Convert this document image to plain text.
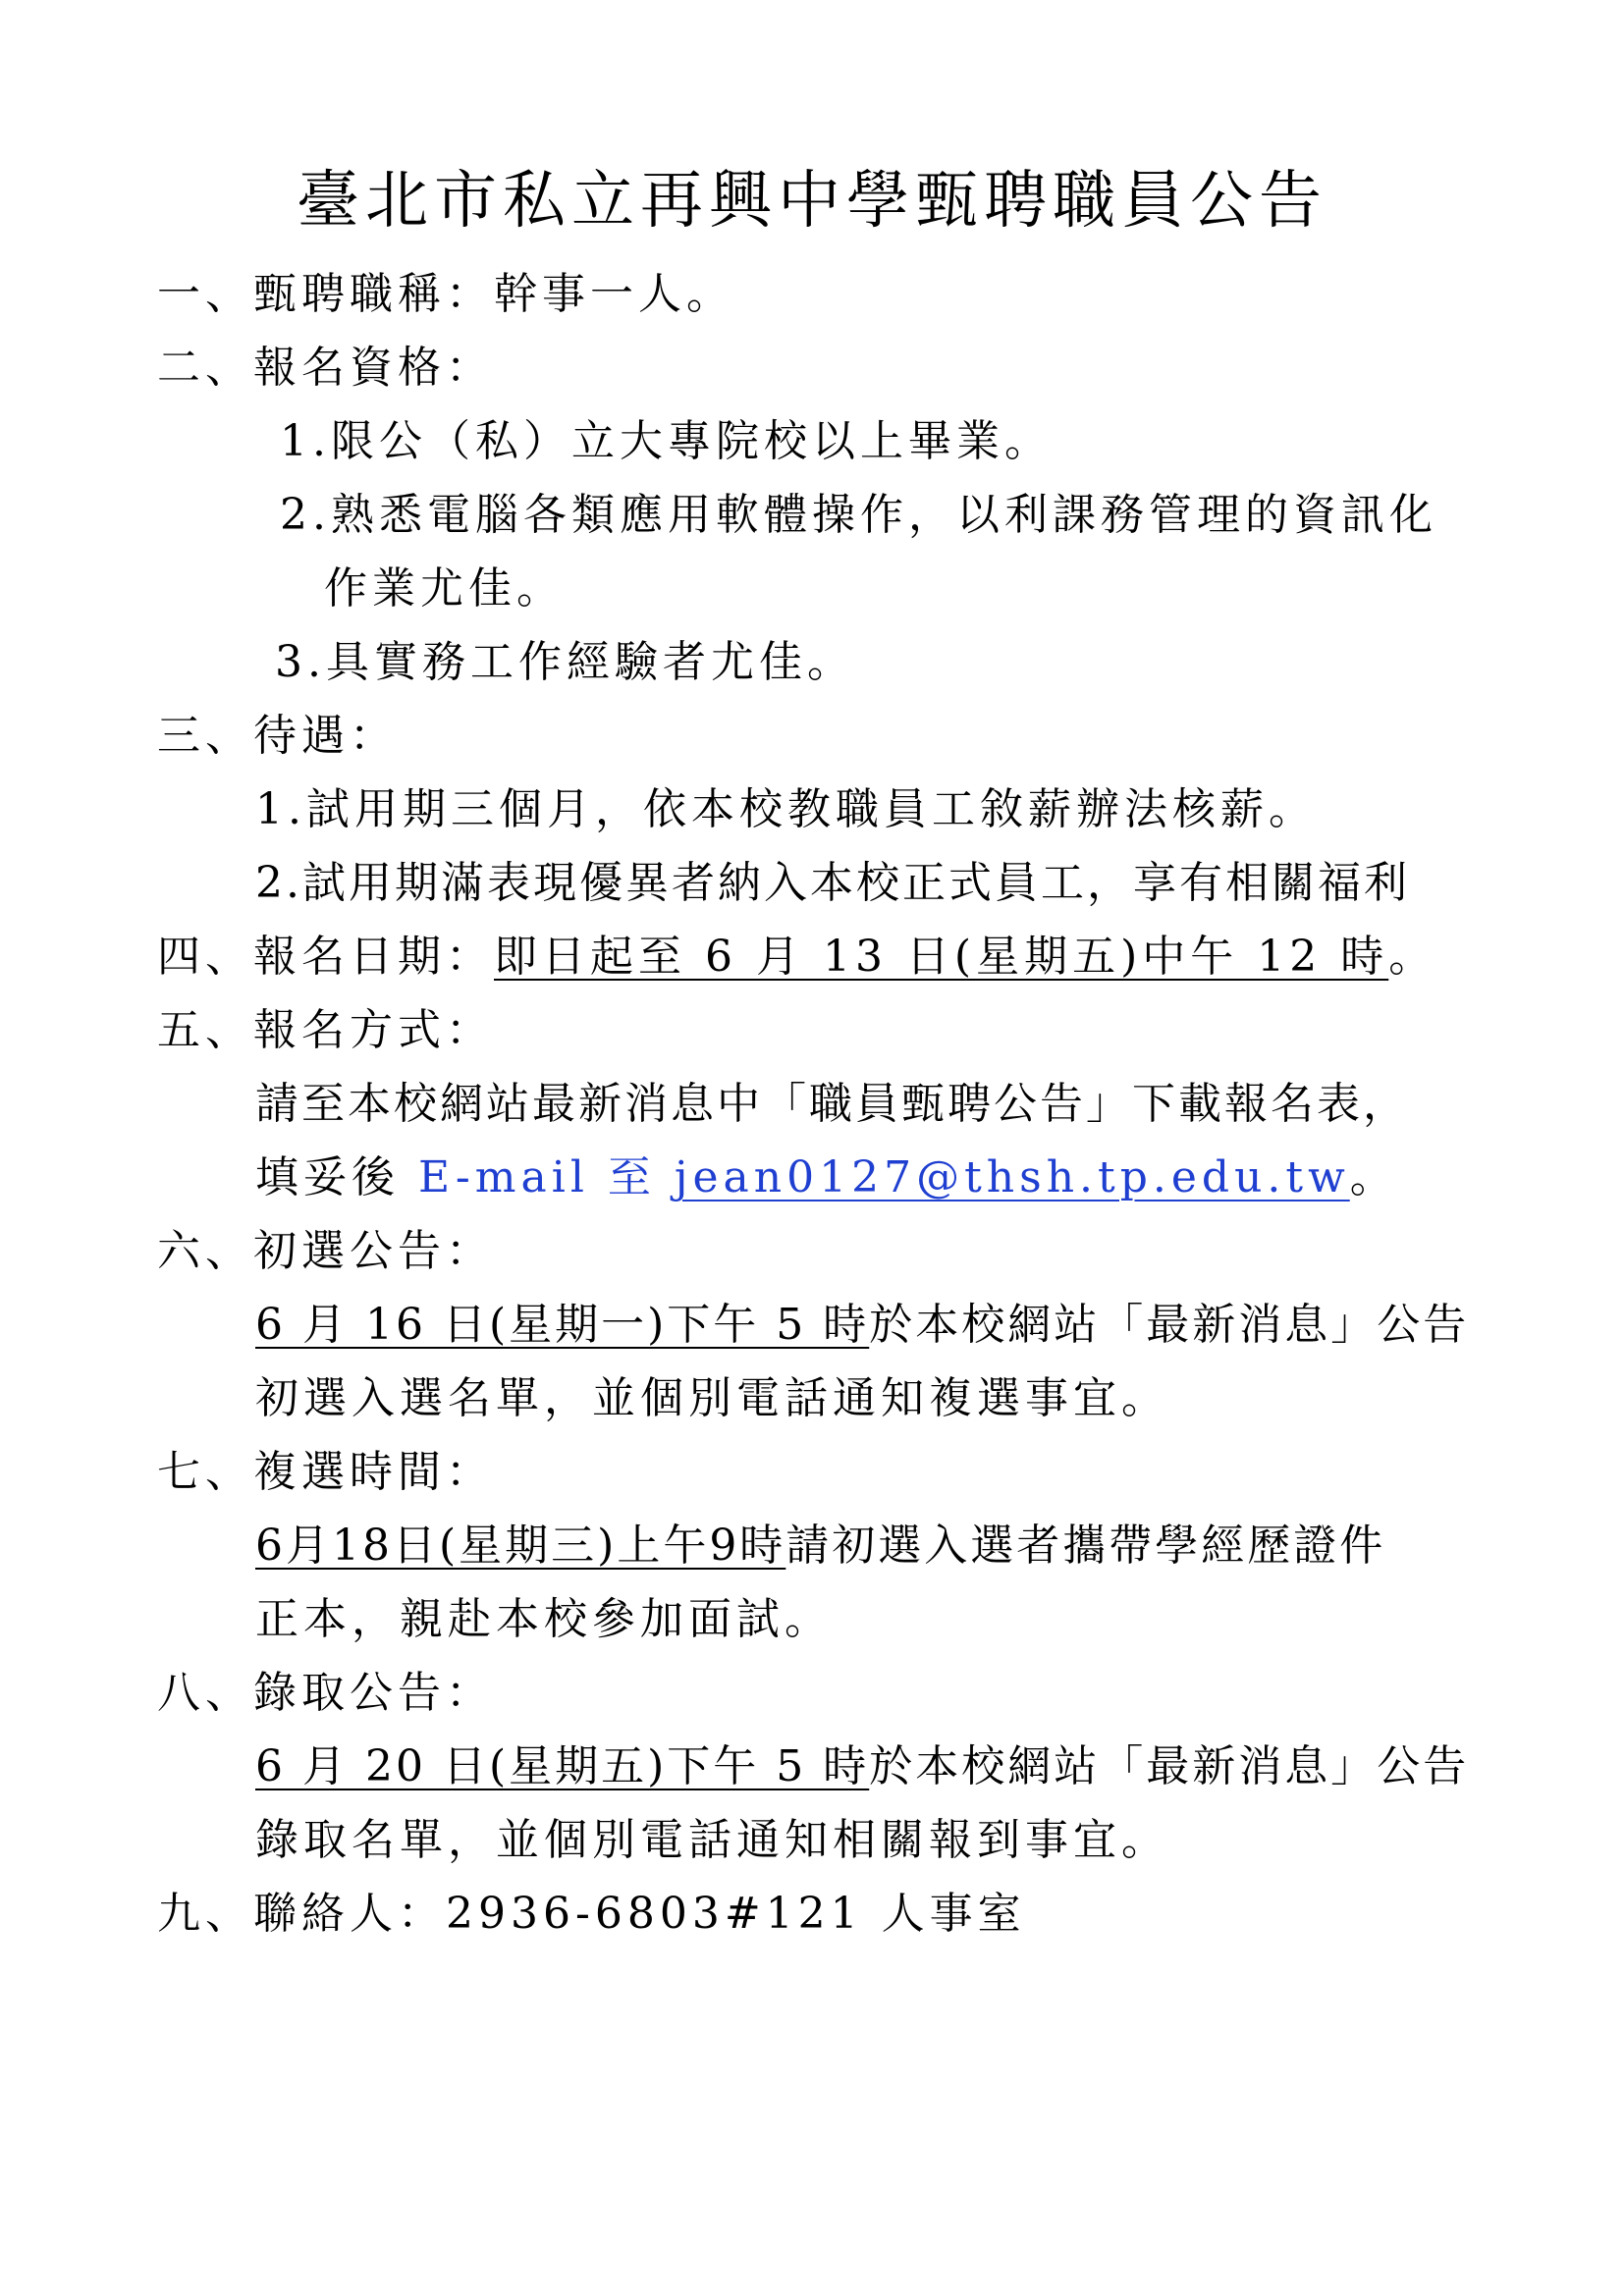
臺北市私立再興中學甄聘職員公告
一、甄聘職稱：幹事一人。
二、報名資格：
1.限公（私）立大專院校以上畢業。
2.熟悉電腦各類應用軟體操作，以利課務管理的資訊化
作業尤佳。
3.具實務工作經驗者尤佳。
三、待遇：
1.試用期三個月，依本校教職員工敘薪辦法核薪。
2.試用期滿表現優異者納入本校正式員工，享有相關福利
四、報名日期：即日起至 6 月 13 日(星期五)中午 12 時。
五、報名方式：
請至本校網站最新消息中「職員甄聘公告」下載報名表，
填妥後 E-mail 至 jean0127@thsh.tp.edu.tw。
六、初選公告：
6 月 16 日(星期一)下午 5 時於本校網站「最新消息」公告
初選入選名單，並個別電話通知複選事宜。
七、複選時間：
6月18日(星期三)上午9時請初選入選者攜帶學經歷證件
正本，親赴本校參加面試。
八、錄取公告：
6 月 20 日(星期五)下午 5 時於本校網站「最新消息」公告
錄取名單，並個別電話通知相關報到事宜。
九、聯絡人：2936-6803#121 人事室
